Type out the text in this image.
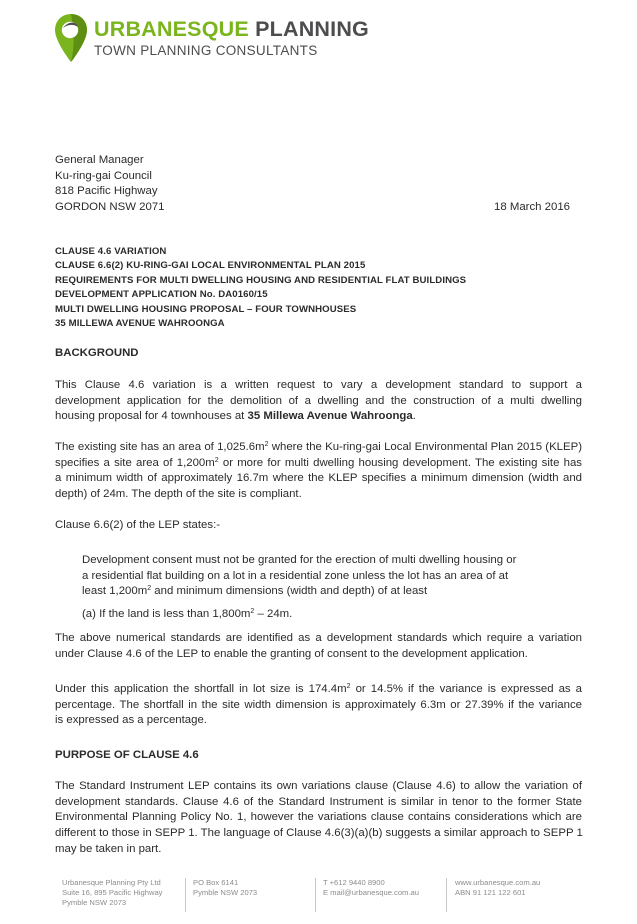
URBANESQUE PLANNING
TOWN PLANNING CONSULTANTS
General Manager
Ku-ring-gai Council
818 Pacific Highway
GORDON NSW 2071	18 March 2016
CLAUSE 4.6 VARIATION
CLAUSE 6.6(2) KU-RING-GAI LOCAL ENVIRONMENTAL PLAN 2015
REQUIREMENTS FOR MULTI DWELLING HOUSING AND RESIDENTIAL FLAT BUILDINGS
DEVELOPMENT APPLICATION No. DA0160/15
MULTI DWELLING HOUSING PROPOSAL – FOUR TOWNHOUSES
35 MILLEWA AVENUE WAHROONGA
BACKGROUND
This Clause 4.6 variation is a written request to vary a development standard to support a
development application for the demolition of a dwelling and the construction of a multi dwelling
housing proposal for 4 townhouses at 35 Millewa Avenue Wahroonga.
The existing site has an area of $1,025.6m^2$ where the Ku-ring-gai Local Environmental Plan 2015 (KLEP)
specifies a site area of $1,200m^2$ or more for multi dwelling housing development. The existing site has
a minimum width of approximately 16.7m where the KLEP specifies a minimum dimension (width and
depth) of 24m. The depth of the site is compliant.
Clause 6.6(2) of the LEP states:-
Development consent must not be granted for the erection of multi dwelling housing or
a residential flat building on a lot in a residential zone unless the lot has an area of at
least $1,200m^2$ and minimum dimensions (width and depth) of at least
(a) If the land is less than $1,800m^2 - 24m$.
The above numerical standards are identified as a development standards which require a variation
under Clause 4.6 of the LEP to enable the granting of consent to the development application.
Under this application the shortfall in lot size is $174.4m^2$ or 14.5% if the variance is expressed as a
percentage. The shortfall in the site width dimension is approximately 6.3m or 27.39% if the variance
is expressed as a percentage.
PURPOSE OF CLAUSE 4.6
The Standard Instrument LEP contains its own variations clause (Clause 4.6) to allow the variation of
development standards. Clause 4.6 of the Standard Instrument is similar in tenor to the former State
Environmental Planning Policy No. 1, however the variations clause contains considerations which are
different to those in SEPP 1. The language of Clause 4.6(3)(a)(b) suggests a similar approach to SEPP 1
may be taken in part.
Urbanesque Planning Pty Ltd
Suite 16, 895 Pacific Highway
Pymble NSW 2073
PO Box 6141
Pymble NSW 2073
T +612 9440 8900
E mail@urbanesque.com.au
www.urbanesque.com.au
ABN 91 121 122 601
